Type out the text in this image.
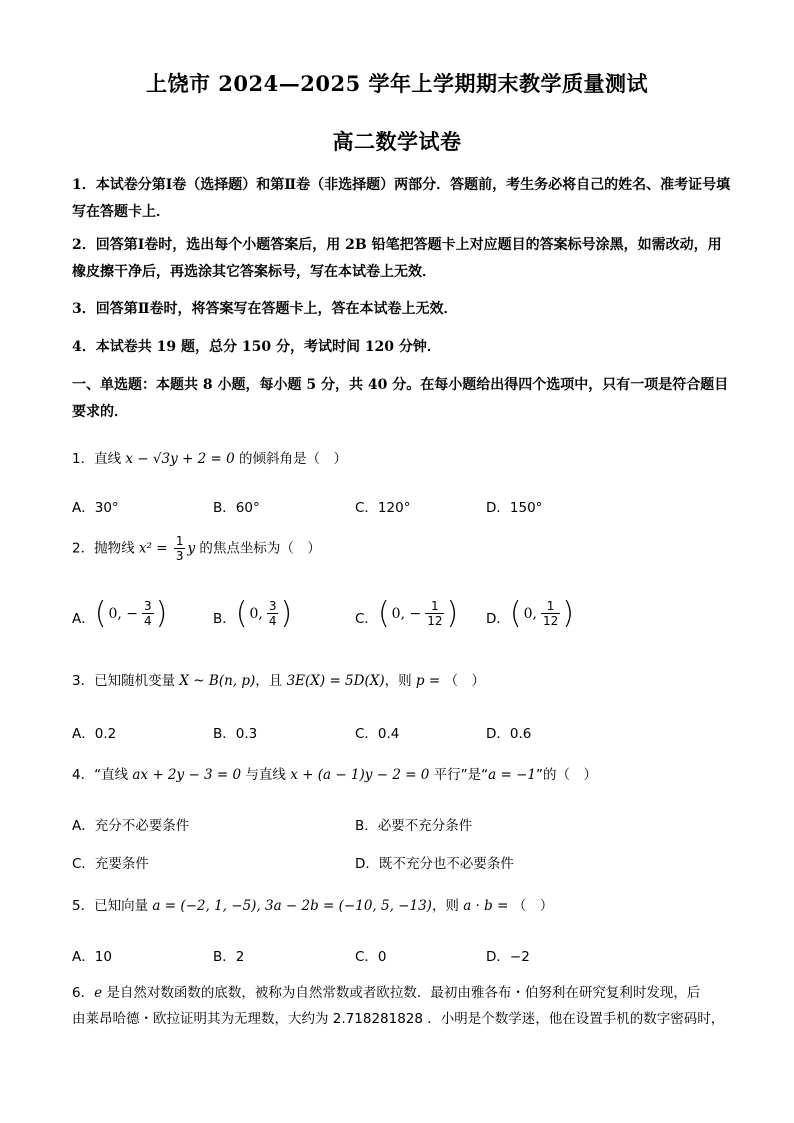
上饶市 2024—2025 学年上学期期末教学质量测试
高二数学试卷
1．本试卷分第Ⅰ卷（选择题）和第Ⅱ卷（非选择题）两部分．答题前，考生务必将自己的姓名、准考证号填写在答题卡上．
2．回答第Ⅰ卷时，选出每个小题答案后，用 2B 铅笔把答题卡上对应题目的答案标号涂黑，如需改动，用橡皮擦干净后，再选涂其它答案标号，写在本试卷上无效．
3．回答第Ⅱ卷时，将答案写在答题卡上，答在本试卷上无效．
4．本试卷共 19 题，总分 150 分，考试时间 120 分钟．
一、单选题：本题共 8 小题，每小题 5 分，共 40 分。在每小题给出得四个选项中，只有一项是符合题目要求的．
1．直线 x − √3y + 2 = 0 的倾斜角是（　）
A．30°	B．60°	C．120°	D．150°
2．抛物线 $x^2 = \frac{1}{3}$ y 的焦点坐标为（　）
A． ( 0, − $\frac{3}{4}$ )	B． ( 0, $\frac{3}{4}$ )	C． ( 0, − $\frac{1}{12}$ ) D． ( 0, $\frac{1}{12}$ )
3．已知随机变量 X ~ B(n, p)，且 3E(X) = 5D(X)，则 p = （　）
A．0.2	B．0.3	C．0.4	D．0.6
4．“直线 ax + 2y − 3 = 0 与直线 x + (a − 1)y − 2 = 0 平行”是“a = −1”的（　）
A．充分不必要条件	B．必要不充分条件
C．充要条件	D．既不充分也不必要条件
5．已知向量 a = (−2, 1, −5), 3a − 2b = (−10, 5, −13)，则 a · b = （　）
A．10	B．2	C．0	D．−2
6．e 是自然对数函数的底数，被称为自然常数或者欧拉数．最初由雅各布・伯努利在研究复利时发现，后
由莱昂哈德・欧拉证明其为无理数，大约为 2.718281828 ．小明是个数学迷，他在设置手机的数字密码时，
